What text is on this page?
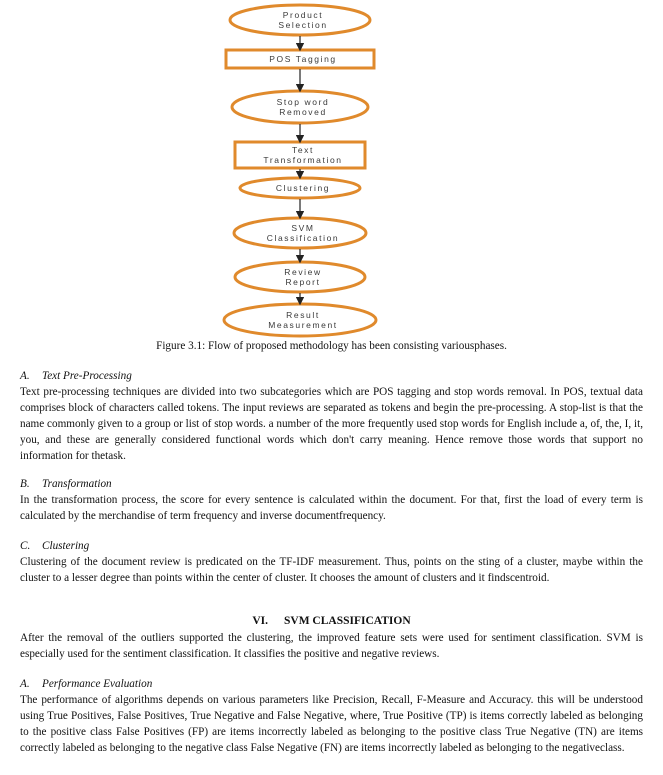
Product
Selection
POS Tagging
Stop word
Removed
Text
Transformation
Clustering
SVM
Classification
Review
Report
Result
Measurement
Figure 3.1: Flow of proposed methodology has been consisting variousphases.
A. Text Pre-Processing
Text pre-processing techniques are divided into two subcategories which are POS tagging and stop words removal. In POS, textual data comprises block of characters called tokens. The input reviews are separated as tokens and begin the pre-processing. A stop-list is that the name commonly given to a group or list of stop words. a number of the more frequently used stop words for English include a, of, the, I, it, you, and these are generally considered functional words which don't carry meaning. Hence remove those words that support no information for thetask.
B. Transformation
In the transformation process, the score for every sentence is calculated within the document. For that, first the load of every term is calculated by the merchandise of term frequency and inverse documentfrequency.
C. Clustering
Clustering of the document review is predicated on the TF-IDF measurement. Thus, points on the sting of a cluster, maybe within the cluster to a lesser degree than points within the center of cluster. It chooses the amount of clusters and it findscentroid.
VI. SVM CLASSIFICATION
After the removal of the outliers supported the clustering, the improved feature sets were used for sentiment classification. SVM is especially used for the sentiment classification. It classifies the positive and negative reviews.
A. Performance Evaluation
The performance of algorithms depends on various parameters like Precision, Recall, F-Measure and Accuracy. this will be understood using True Positives, False Positives, True Negative and False Negative, where, True Positive (TP) is items correctly labeled as belonging to the positive class False Positives (FP) are items incorrectly labeled as belonging to the positive class True Negative (TN) are items correctly labeled as belonging to the negative class False Negative (FN) are items incorrectly labeled as belonging to the negativeclass.
